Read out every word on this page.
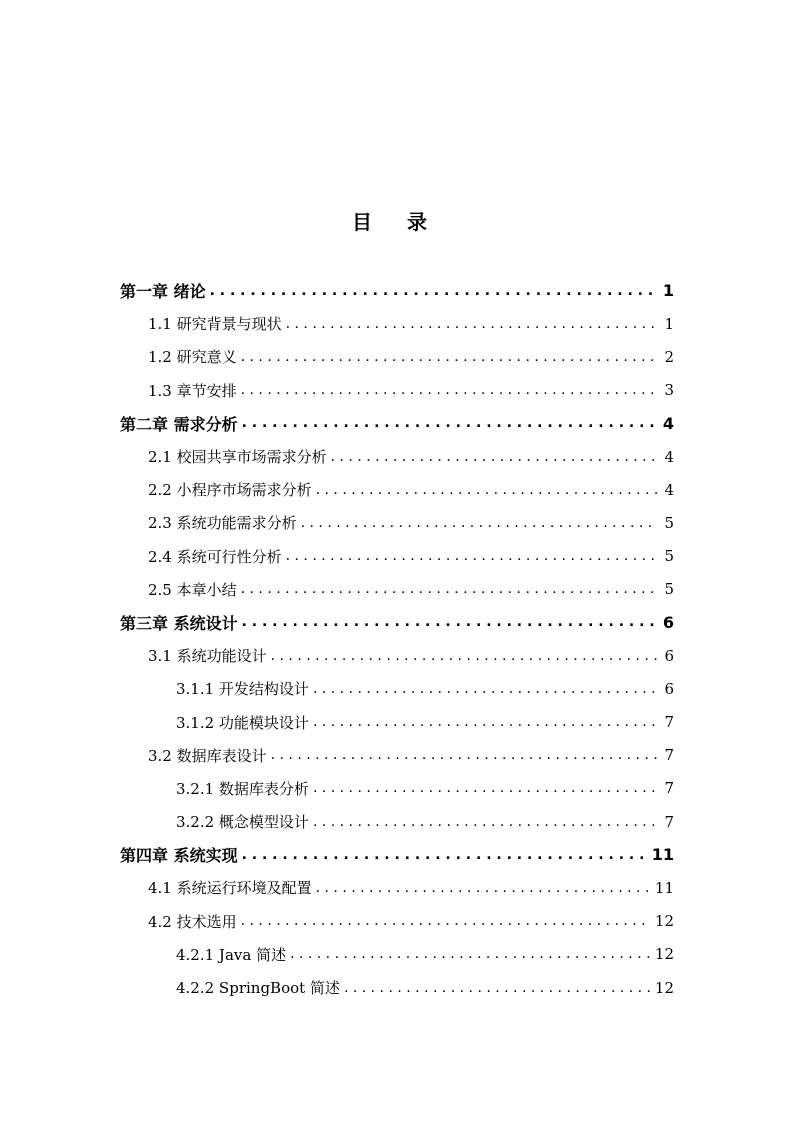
目 录
第一章 绪论 . . .	1
1.1 研究背景与现状 . . .	1
1.2 研究意义 . . .	2
1.3 章节安排 . . .	3
第二章 需求分析 . . .	4
2.1 校园共享市场需求分析 . . .	4
2.2 小程序市场需求分析 . . .	4
2.3 系统功能需求分析 . . .	5
2.4 系统可行性分析 . . .	5
2.5 本章小结 . . .	5
第三章 系统设计 . . .	6
3.1 系统功能设计 . . .	6
3.1.1 开发结构设计 . . .	6
3.1.2 功能模块设计 . . .	7
3.2 数据库表设计 . . .	7
3.2.1 数据库表分析 . . .	7
3.2.2 概念模型设计 . . .	7
第四章 系统实现 . . .	11
4.1 系统运行环境及配置 . . .	11
4.2 技术选用 . . .	12
4.2.1 Java 简述 . . .	12
4.2.2 SpringBoot 简述 . . .	12
